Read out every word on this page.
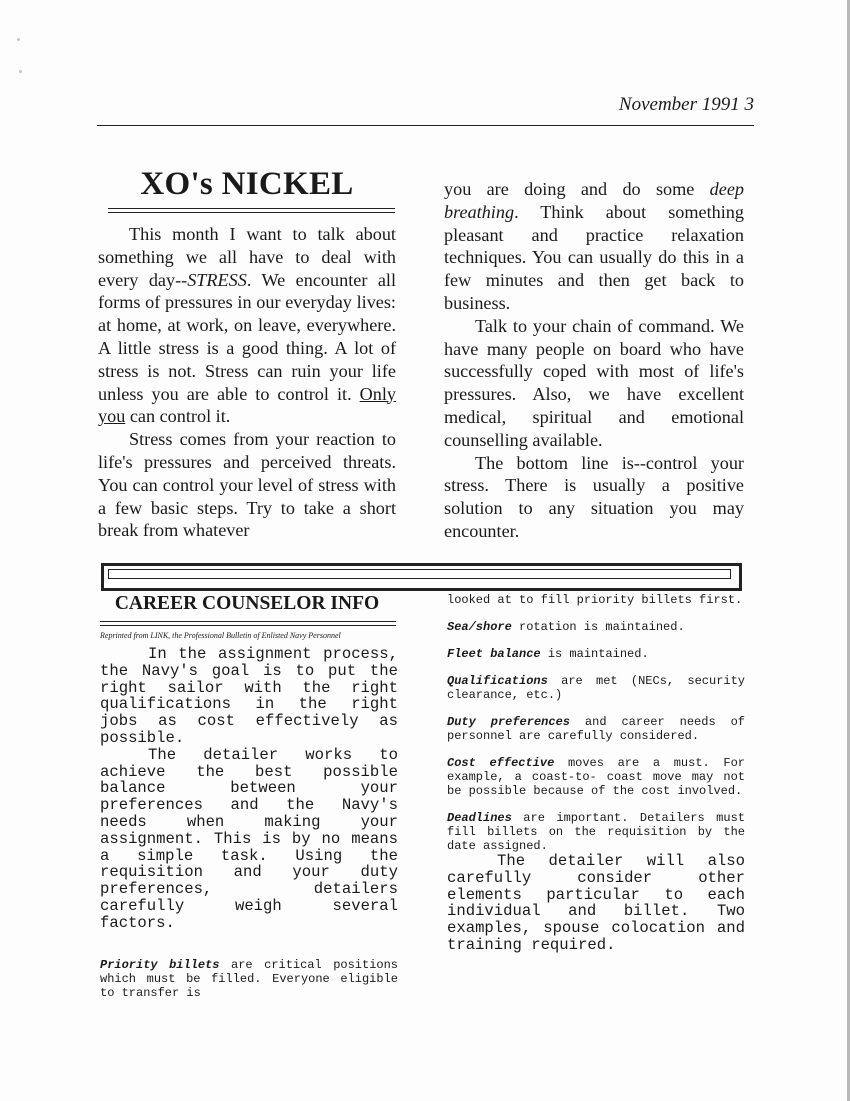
November 1991 3
XO's NICKEL

This month I want to talk about something we all have to deal with every day--STRESS. We encounter all forms of pressures in our everyday lives: at home, at work, on leave, everywhere. A little stress is a good thing. A lot of stress is not. Stress can ruin your life unless you are able to control it. Only you can control it.

Stress comes from your reaction to life's pressures and perceived threats. You can control your level of stress with a few basic steps. Try to take a short break from whatever

you are doing and do some deep breathing. Think about something pleasant and practice relaxation techniques. You can usually do this in a few minutes and then get back to business.

Talk to your chain of command. We have many people on board who have successfully coped with most of life's pressures. Also, we have excellent medical, spiritual and emotional counselling available.

The bottom line is--control your stress. There is usually a positive solution to any situation you may encounter.

CAREER COUNSELOR INFO
Reprinted from LINK, the Professional Bulletin of Enlisted Navy Personnel

In the assignment process, the Navy's goal is to put the right sailor with the right qualifications in the right jobs as cost effectively as possible.

The detailer works to achieve the best possible balance between your preferences and the Navy's needs when making your assignment. This is by no means a simple task. Using the requisition and your duty preferences, detailers carefully weigh several factors.

Priority billets are critical positions which must be filled. Everyone eligible to transfer is

looked at to fill priority billets first.

Sea/shore rotation is maintained.

Fleet balance is maintained.

Qualifications are met (NECs, security clearance, etc.)

Duty preferences and career needs of personnel are carefully considered.

Cost effective moves are a must. For example, a coast-to- coast move may not be possible because of the cost involved.

Deadlines are important. Detailers must fill billets on the requisition by the date assigned.

The detailer will also carefully consider other elements particular to each individual and billet. Two examples, spouse colocation and training required.
